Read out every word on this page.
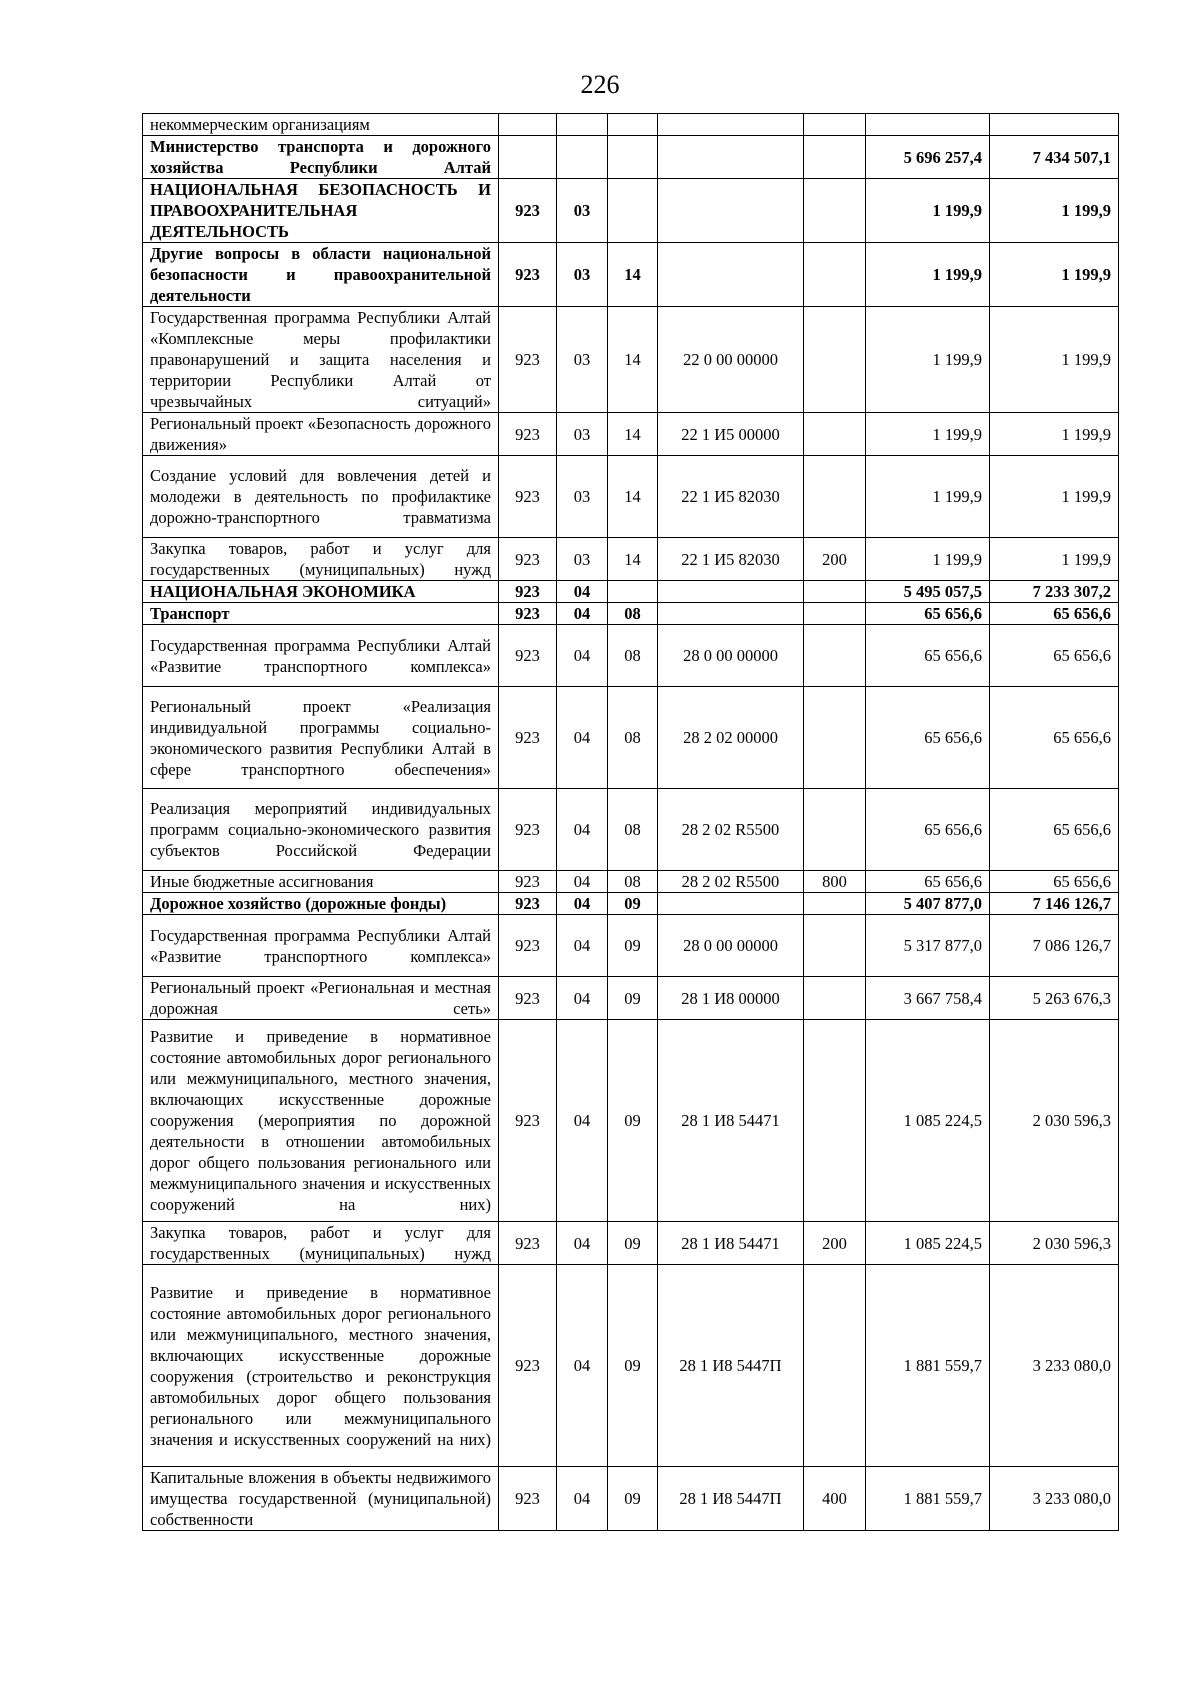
226
некоммерческим организациям							
Министерство транспорта и дорожного хозяйства Республики Алтай						5 696 257,4	7 434 507,1
НАЦИОНАЛЬНАЯ БЕЗОПАСНОСТЬ И ПРАВООХРАНИТЕЛЬНАЯ ДЕЯТЕЛЬНОСТЬ	923	03				1 199,9	1 199,9
Другие вопросы в области национальной безопасности и правоохранительной деятельности	923	03	14			1 199,9	1 199,9
Государственная программа Республики Алтай «Комплексные меры профилактики правонарушений и защита населения и территории Республики Алтай от чрезвычайных ситуаций»	923	03	14	22 0 00 00000		1 199,9	1 199,9
Региональный проект «Безопасность дорожного движения»	923	03	14	22 1 И5 00000		1 199,9	1 199,9
Создание условий для вовлечения детей и молодежи в деятельность по профилактике дорожно-транспортного травматизма	923	03	14	22 1 И5 82030		1 199,9	1 199,9
Закупка товаров, работ и услуг для государственных (муниципальных) нужд	923	03	14	22 1 И5 82030	200	1 199,9	1 199,9
НАЦИОНАЛЬНАЯ ЭКОНОМИКА	923	04				5 495 057,5	7 233 307,2
Транспорт	923	04	08			65 656,6	65 656,6
Государственная программа Республики Алтай «Развитие транспортного комплекса»	923	04	08	28 0 00 00000		65 656,6	65 656,6
Региональный проект «Реализация индивидуальной программы социально-экономического развития Республики Алтай в сфере транспортного обеспечения»	923	04	08	28 2 02 00000		65 656,6	65 656,6
Реализация мероприятий индивидуальных программ социально-экономического развития субъектов Российской Федерации	923	04	08	28 2 02 R5500		65 656,6	65 656,6
Иные бюджетные ассигнования	923	04	08	28 2 02 R5500	800	65 656,6	65 656,6
Дорожное хозяйство (дорожные фонды)	923	04	09			5 407 877,0	7 146 126,7
Государственная программа Республики Алтай «Развитие транспортного комплекса»	923	04	09	28 0 00 00000		5 317 877,0	7 086 126,7
Региональный проект «Региональная и местная дорожная сеть»	923	04	09	28 1 И8 00000		3 667 758,4	5 263 676,3
Развитие и приведение в нормативное состояние автомобильных дорог регионального или межмуниципального, местного значения, включающих искусственные дорожные сооружения (мероприятия по дорожной деятельности в отношении автомобильных дорог общего пользования регионального или межмуниципального значения и искусственных сооружений на них)	923	04	09	28 1 И8 54471		1 085 224,5	2 030 596,3
Закупка товаров, работ и услуг для государственных (муниципальных) нужд	923	04	09	28 1 И8 54471	200	1 085 224,5	2 030 596,3
Развитие и приведение в нормативное состояние автомобильных дорог регионального или межмуниципального, местного значения, включающих искусственные дорожные сооружения (строительство и реконструкция автомобильных дорог общего пользования регионального или межмуниципального значения и искусственных сооружений на них)	923	04	09	28 1 И8 5447П		1 881 559,7	3 233 080,0
Капитальные вложения в объекты недвижимого имущества государственной (муниципальной) собственности	923	04	09	28 1 И8 5447П	400	1 881 559,7	3 233 080,0
